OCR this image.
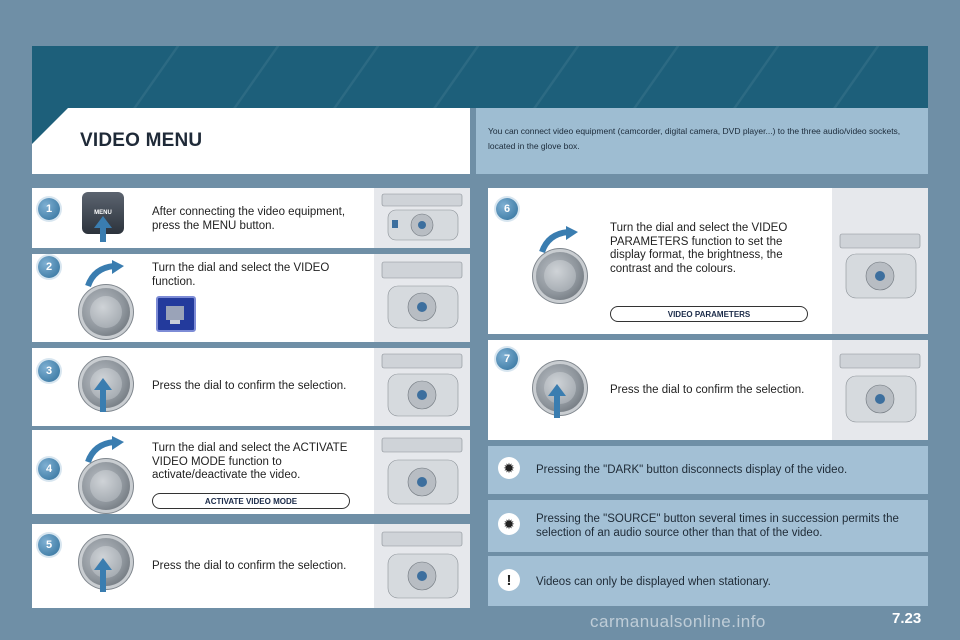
VIDEO MENU	You can connect video equipment (camcorder, digital camera, DVD player...) to the three audio/video sockets, located in the glove box.
MENU	After connecting the video equipment, press the MENU button.
1
Turn the dial and select the VIDEO function.
2
Press the dial to confirm the selection.
3
Turn the dial and select the ACTIVATE VIDEO MODE function to activate/deactivate the video.
ACTIVATE VIDEO MODE
4
Press the dial to confirm the selection.
5
Turn the dial and select the VIDEO PARAMETERS function to set the display format, the brightness, the contrast and the colours.
VIDEO PARAMETERS
6
Press the dial to confirm the selection.
7
✹	Pressing the "DARK" button disconnects display of the video.
✹	Pressing the "SOURCE" button several times in succession permits the selection of an audio source other than that of the video.
!	Videos can only be displayed when stationary.
carmanualsonline.info	7.23
